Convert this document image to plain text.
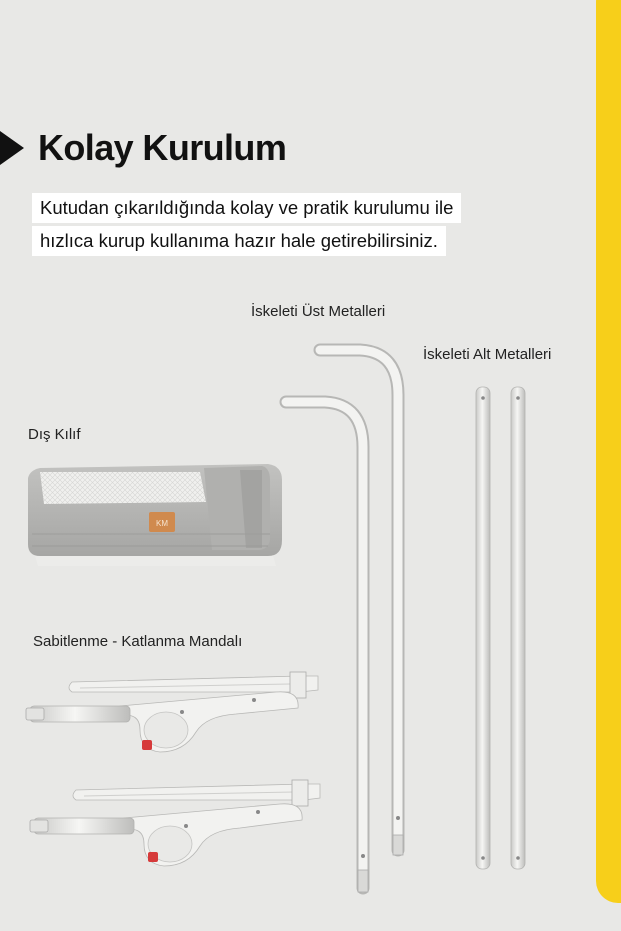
Kolay Kurulum
Kutudan çıkarıldığında kolay ve pratik kurulumu ile
hızlıca kurup kullanıma hazır hale getirebilirsiniz.
İskeleti Üst Metalleri
İskeleti Alt Metalleri
Dış Kılıf
Sabitlenme - Katlanma Mandalı
KM
